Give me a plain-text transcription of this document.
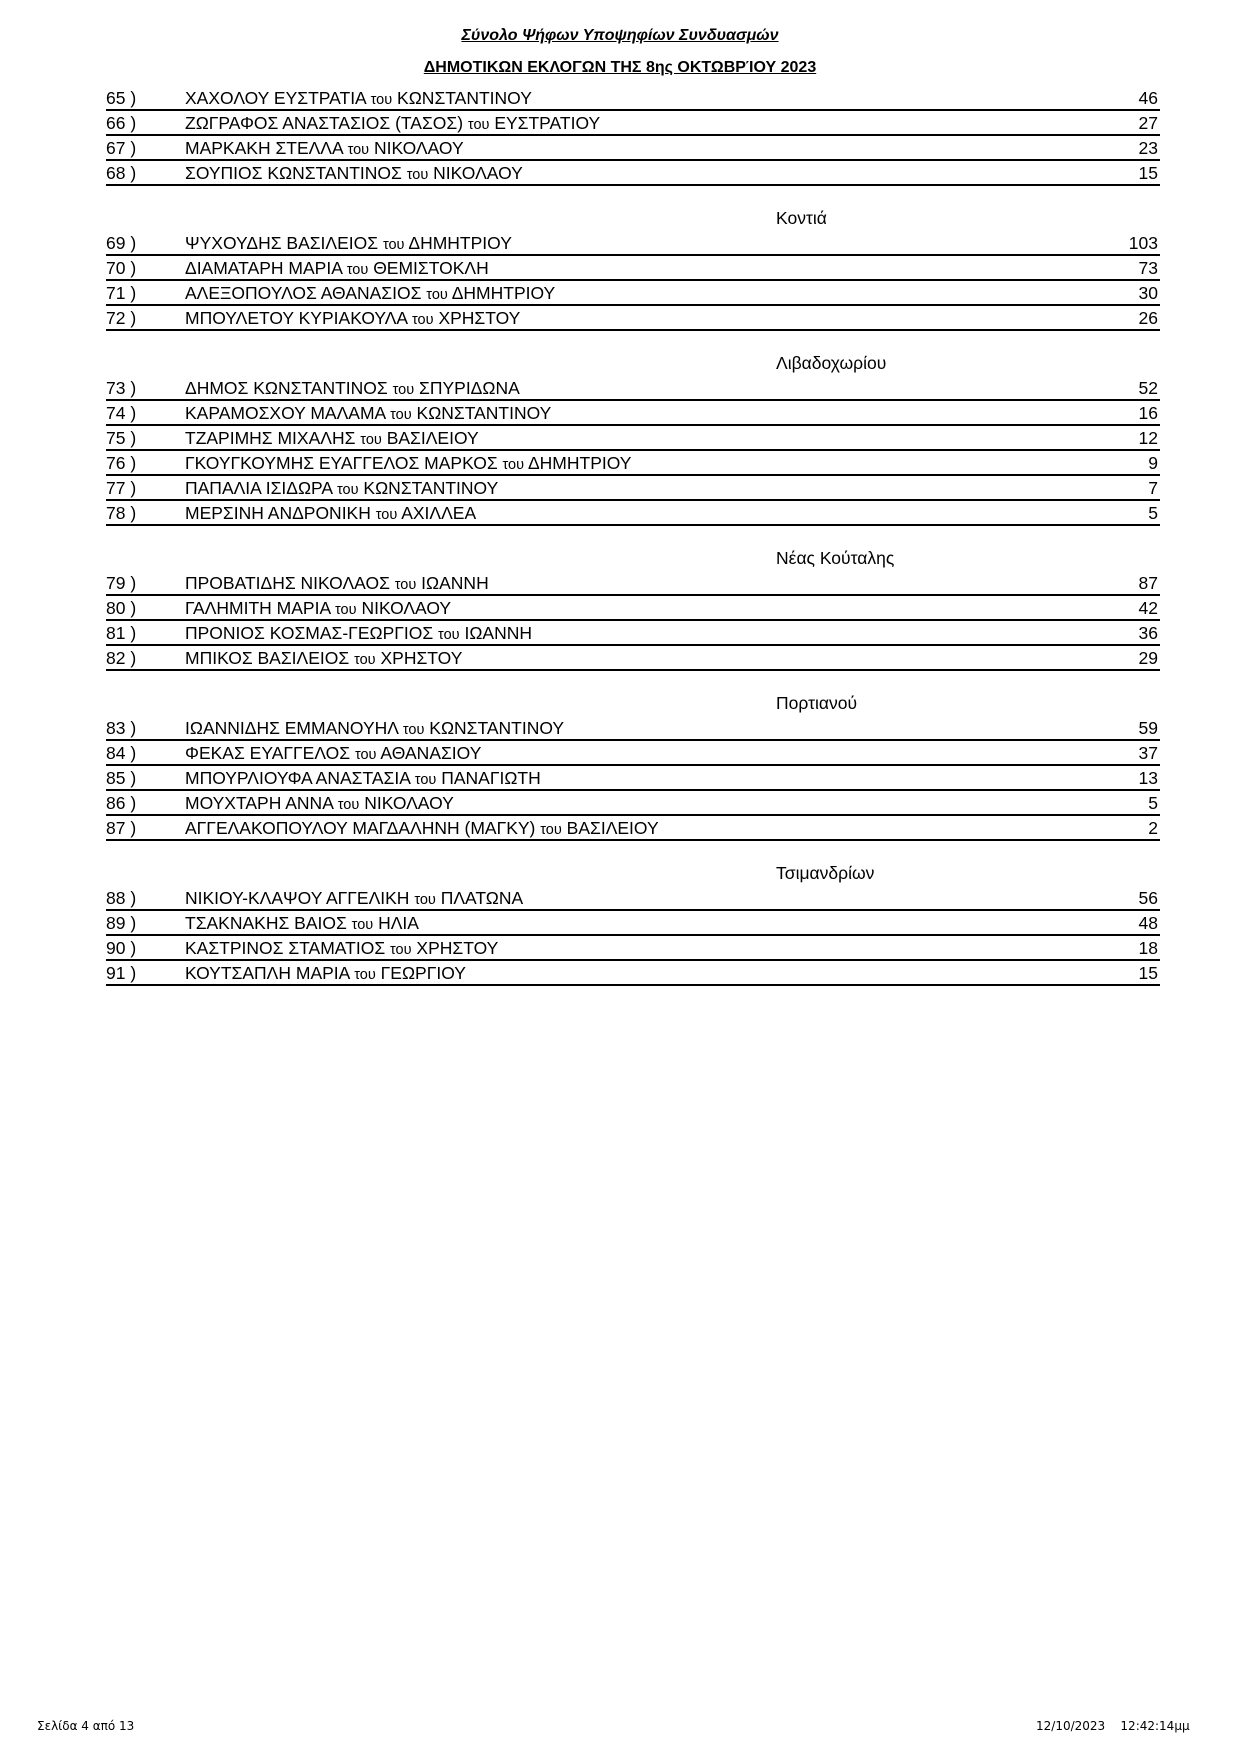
Σύνολο Ψήφων Υποψηφίων Συνδυασμών
ΔΗΜΟΤΙΚΩΝ ΕΚΛΟΓΩΝ ΤΗΣ 8ης ΟΚΤΩΒΡΊΟΥ 2023
65 )	ΧΑΧΟΛΟΥ ΕΥΣΤΡΑΤΙΑ του ΚΩΝΣΤΑΝΤΙΝΟΥ	46
66 )	ΖΩΓΡΑΦΟΣ ΑΝΑΣΤΑΣΙΟΣ (ΤΑΣΟΣ) του ΕΥΣΤΡΑΤΙΟΥ	27
67 )	ΜΑΡΚΑΚΗ ΣΤΕΛΛΑ του ΝΙΚΟΛΑΟΥ	23
68 )	ΣΟΥΠΙΟΣ ΚΩΝΣΤΑΝΤΙΝΟΣ του ΝΙΚΟΛΑΟΥ	15
Κοντιά
69 )	ΨΥΧΟΥΔΗΣ ΒΑΣΙΛΕΙΟΣ του ΔΗΜΗΤΡΙΟΥ	103
70 )	ΔΙΑΜΑΤΑΡΗ ΜΑΡΙΑ του ΘΕΜΙΣΤΟΚΛΗ	73
71 )	ΑΛΕΞΟΠΟΥΛΟΣ ΑΘΑΝΑΣΙΟΣ του ΔΗΜΗΤΡΙΟΥ	30
72 )	ΜΠΟΥΛΕΤΟΥ ΚΥΡΙΑΚΟΥΛΑ του ΧΡΗΣΤΟΥ	26
Λιβαδοχωρίου
73 )	ΔΗΜΟΣ ΚΩΝΣΤΑΝΤΙΝΟΣ του ΣΠΥΡΙΔΩΝΑ	52
74 )	ΚΑΡΑΜΟΣΧΟΥ ΜΑΛΑΜΑ του ΚΩΝΣΤΑΝΤΙΝΟΥ	16
75 )	ΤΖΑΡΙΜΗΣ ΜΙΧΑΛΗΣ του ΒΑΣΙΛΕΙΟΥ	12
76 )	ΓΚΟΥΓΚΟΥΜΗΣ ΕΥΑΓΓΕΛΟΣ ΜΑΡΚΟΣ του ΔΗΜΗΤΡΙΟΥ	9
77 )	ΠΑΠΑΛΙΑ ΙΣΙΔΩΡΑ του ΚΩΝΣΤΑΝΤΙΝΟΥ	7
78 )	ΜΕΡΣΙΝΗ ΑΝΔΡΟΝΙΚΗ του ΑΧΙΛΛΕΑ	5
Νέας Κούταλης
79 )	ΠΡΟΒΑΤΙΔΗΣ ΝΙΚΟΛΑΟΣ του ΙΩΑΝΝΗ	87
80 )	ΓΑΛΗΜΙΤΗ ΜΑΡΙΑ του ΝΙΚΟΛΑΟΥ	42
81 )	ΠΡΟΝΙΟΣ ΚΟΣΜΑΣ-ΓΕΩΡΓΙΟΣ του ΙΩΑΝΝΗ	36
82 )	ΜΠΙΚΟΣ ΒΑΣΙΛΕΙΟΣ του ΧΡΗΣΤΟΥ	29
Πορτιανού
83 )	ΙΩΑΝΝΙΔΗΣ ΕΜΜΑΝΟΥΗΛ του ΚΩΝΣΤΑΝΤΙΝΟΥ	59
84 )	ΦΕΚΑΣ ΕΥΑΓΓΕΛΟΣ του ΑΘΑΝΑΣΙΟΥ	37
85 )	ΜΠΟΥΡΛΙΟΥΦΑ ΑΝΑΣΤΑΣΙΑ του ΠΑΝΑΓΙΩΤΗ	13
86 )	ΜΟΥΧΤΑΡΗ ΑΝΝΑ του ΝΙΚΟΛΑΟΥ	5
87 )	ΑΓΓΕΛΑΚΟΠΟΥΛΟΥ ΜΑΓΔΑΛΗΝΗ (ΜΑΓΚΥ) του ΒΑΣΙΛΕΙΟΥ	2
Τσιμανδρίων
88 )	ΝΙΚΙΟΥ-ΚΛΑΨΟΥ ΑΓΓΕΛΙΚΗ του ΠΛΑΤΩΝΑ	56
89 )	ΤΣΑΚΝΑΚΗΣ ΒΑΙΟΣ του ΗΛΙΑ	48
90 )	ΚΑΣΤΡΙΝΟΣ ΣΤΑΜΑΤΙΟΣ του ΧΡΗΣΤΟΥ	18
91 )	ΚΟΥΤΣΑΠΛΗ ΜΑΡΙΑ του ΓΕΩΡΓΙΟΥ	15
Σελίδα 4 από 13	12/10/2023    12:42:14μμ
